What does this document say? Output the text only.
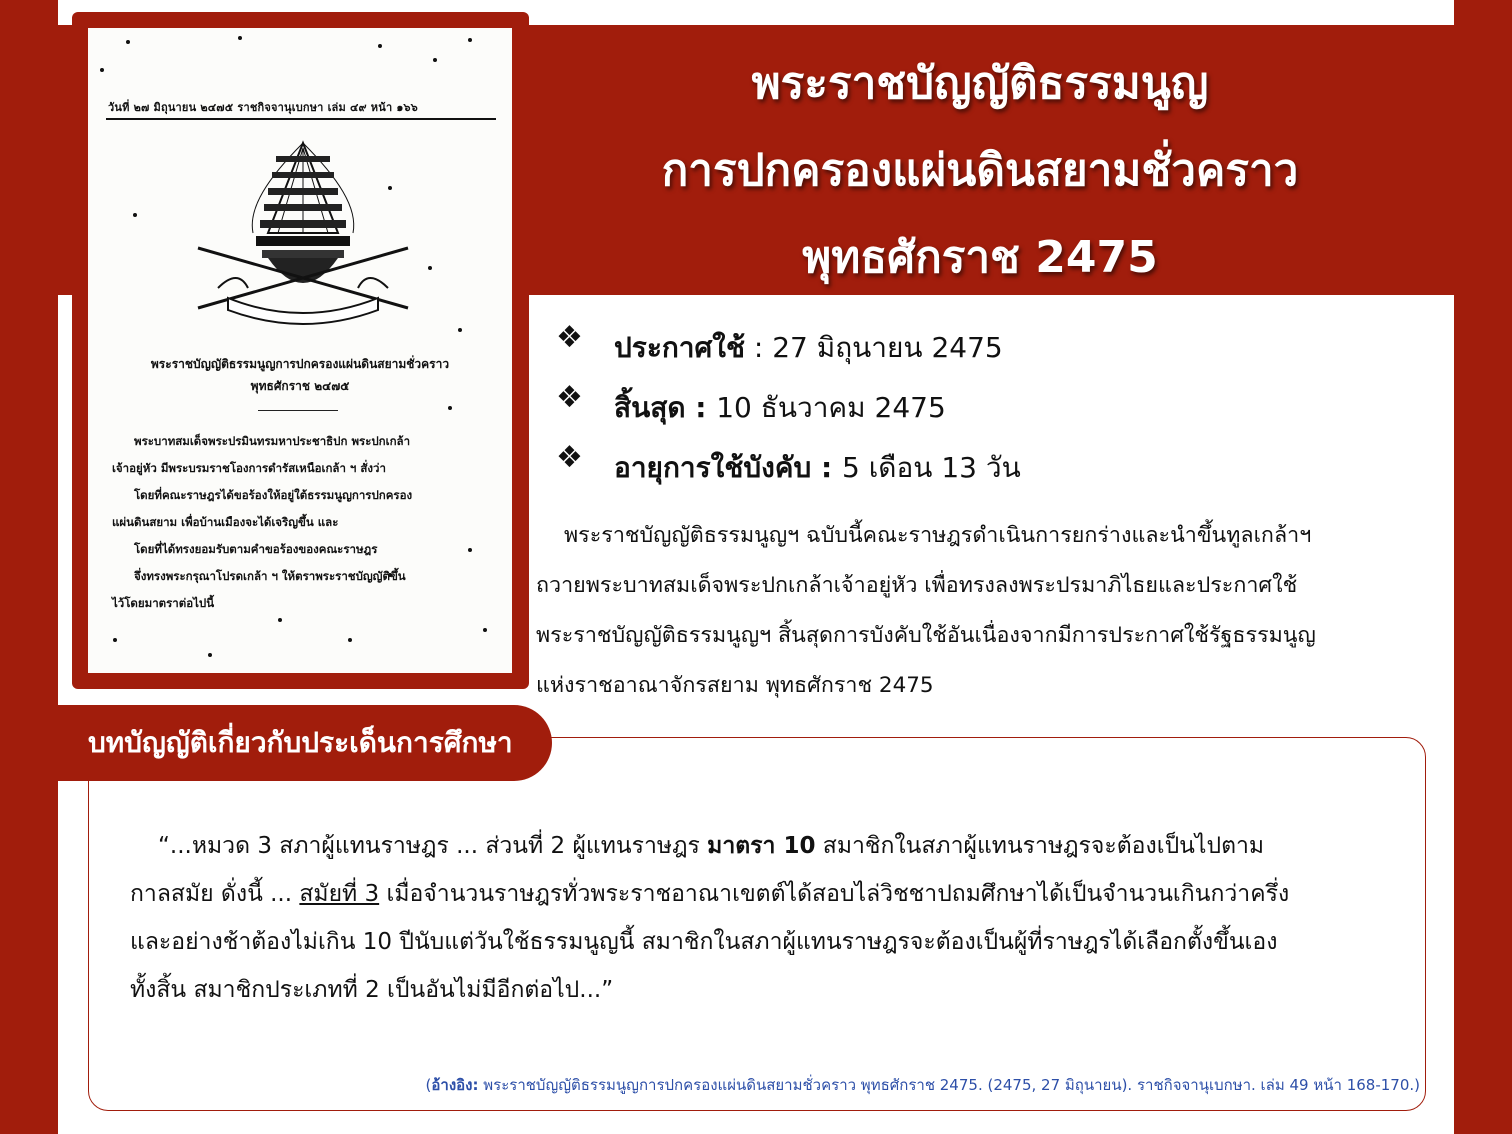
พระราชบัญญัติธรรมนูญ
การปกครองแผ่นดินสยามชั่วคราว
พุทธศักราช 2475
วันที่ ๒๗ มิถุนายน ๒๔๗๕ ราชกิจจานุเบกษา เล่ม ๔๙ หน้า ๑๖๖
พระราชบัญญัติธรรมนูญการปกครองแผ่นดินสยามชั่วคราว
พุทธศักราช ๒๔๗๕
พระบาทสมเด็จพระปรมินทรมหาประชาธิปก พระปกเกล้า
เจ้าอยู่หัว มีพระบรมราชโองการดำรัสเหนือเกล้า ฯ สั่งว่า
โดยที่คณะราษฎรได้ขอร้องให้อยู่ใต้ธรรมนูญการปกครอง
แผ่นดินสยาม เพื่อบ้านเมืองจะได้เจริญขึ้น และ
โดยที่ได้ทรงยอมรับตามคำขอร้องของคณะราษฎร
จึ่งทรงพระกรุณาโปรดเกล้า ฯ ให้ตราพระราชบัญญัติขึ้น
ไว้โดยมาตราต่อไปนี้
❖ ประกาศใช้ : 27 มิถุนายน 2475
❖ สิ้นสุด : 10 ธันวาคม 2475
❖ อายุการใช้บังคับ : 5 เดือน 13 วัน
พระราชบัญญัติธรรมนูญฯ ฉบับนี้คณะราษฎรดำเนินการยกร่างและนำขึ้นทูลเกล้าฯ
ถวายพระบาทสมเด็จพระปกเกล้าเจ้าอยู่หัว เพื่อทรงลงพระปรมาภิไธยและประกาศใช้
พระราชบัญญัติธรรมนูญฯ สิ้นสุดการบังคับใช้อันเนื่องจากมีการประกาศใช้รัฐธรรมนูญ
แห่งราชอาณาจักรสยาม พุทธศักราช 2475
บทบัญญัติเกี่ยวกับประเด็นการศึกษา
“...หมวด 3 สภาผู้แทนราษฎร ... ส่วนที่ 2 ผู้แทนราษฎร มาตรา 10 สมาชิกในสภาผู้แทนราษฎรจะต้องเป็นไปตาม
กาลสมัย ดั่งนี้ ... สมัยที่ 3 เมื่อจำนวนราษฎรทั่วพระราชอาณาเขตต์ได้สอบไล่วิชชาปถมศึกษาได้เป็นจำนวนเกินกว่าครึ่ง
และอย่างช้าต้องไม่เกิน 10 ปีนับแต่วันใช้ธรรมนูญนี้ สมาชิกในสภาผู้แทนราษฎรจะต้องเป็นผู้ที่ราษฎรได้เลือกตั้งขึ้นเอง
ทั้งสิ้น สมาชิกประเภทที่ 2 เป็นอันไม่มีอีกต่อไป...”
(อ้างอิง: พระราชบัญญัติธรรมนูญการปกครองแผ่นดินสยามชั่วคราว พุทธศักราช 2475. (2475, 27 มิถุนายน). ราชกิจจานุเบกษา. เล่ม 49 หน้า 168-170.)
